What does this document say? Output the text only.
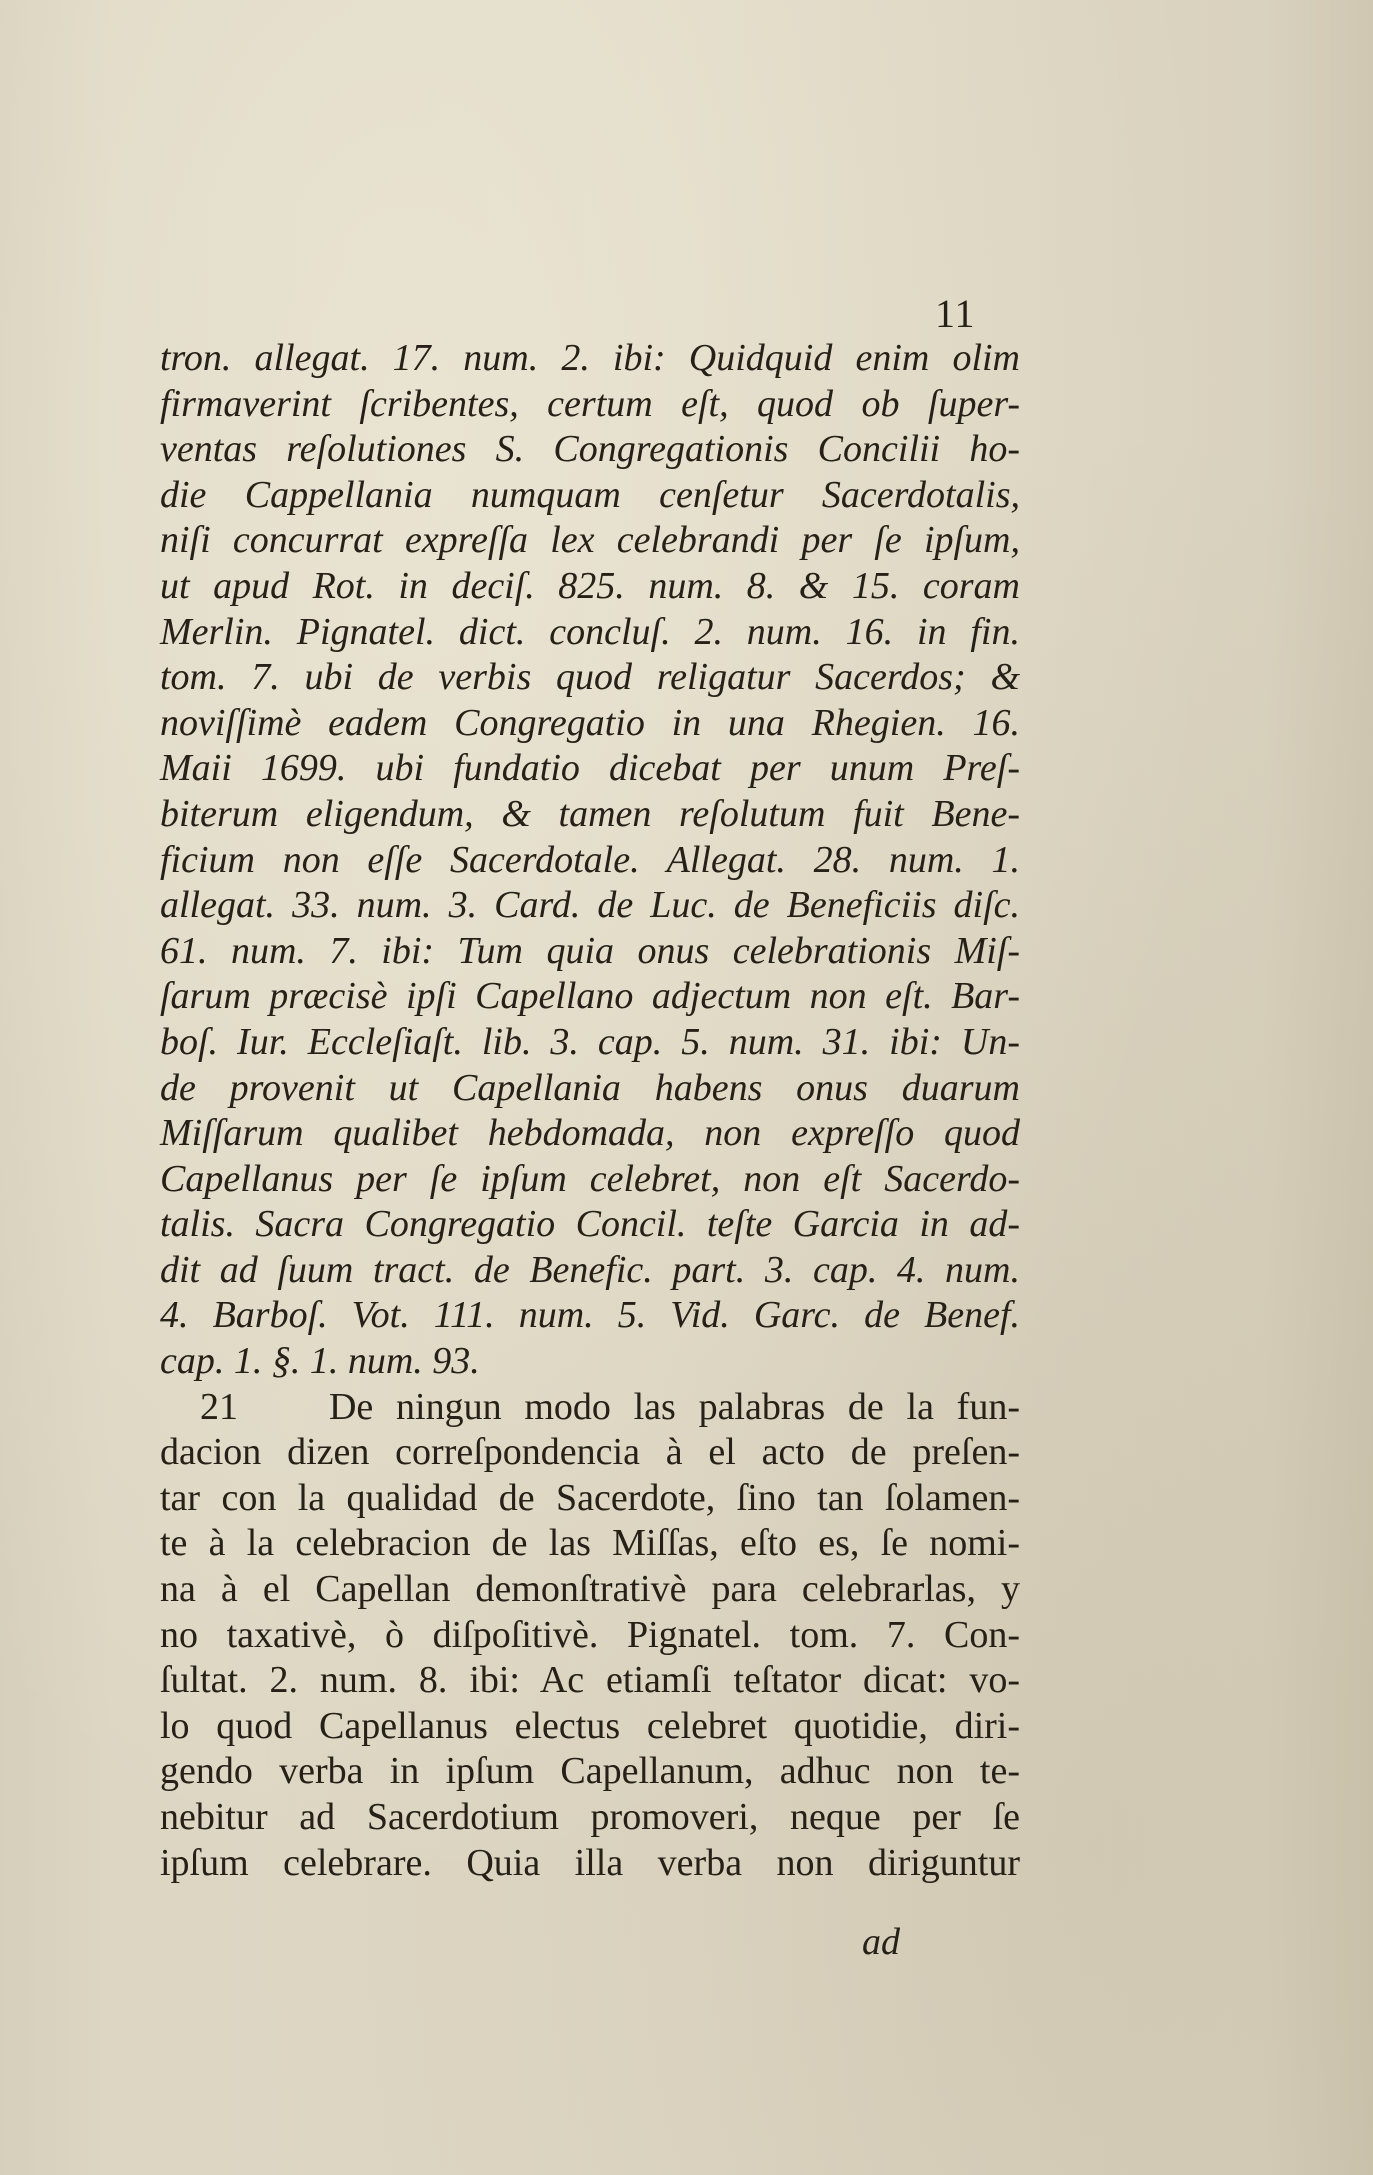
11
tron. allegat. 17. num. 2. ibi: Quidquid enim olim
firmaverint ſcribentes, certum eſt, quod ob ſuper-
ventas reſolutiones S. Congregationis Concilii ho-
die Cappellania numquam cenſetur Sacerdotalis,
niſi concurrat expreſſa lex celebrandi per ſe ipſum,
ut apud Rot. in deciſ. 825. num. 8. & 15. coram
Merlin. Pignatel. dict. concluſ. 2. num. 16. in fin.
tom. 7. ubi de verbis quod religatur Sacerdos; &
noviſſimè eadem Congregatio in una Rhegien. 16.
Maii 1699. ubi fundatio dicebat per unum Preſ-
biterum eligendum, & tamen reſolutum fuit Bene-
ficium non eſſe Sacerdotale. Allegat. 28. num. 1.
allegat. 33. num. 3. Card. de Luc. de Beneficiis diſc.
61. num. 7. ibi: Tum quia onus celebrationis Miſ-
ſarum præcisè ipſi Capellano adjectum non eſt. Bar-
boſ. Iur. Eccleſiaſt. lib. 3. cap. 5. num. 31. ibi: Un-
de provenit ut Capellania habens onus duarum
Miſſarum qualibet hebdomada, non expreſſo quod
Capellanus per ſe ipſum celebret, non eſt Sacerdo-
talis. Sacra Congregatio Concil. teſte Garcia in ad-
dit ad ſuum tract. de Benefic. part. 3. cap. 4. num.
4. Barboſ. Vot. 111. num. 5. Vid. Garc. de Benef.
cap. 1. §. 1. num. 93.
21 De ningun modo las palabras de la fun-
dacion dizen correſpondencia à el acto de preſen-
tar con la qualidad de Sacerdote, ſino tan ſolamen-
te à la celebracion de las Miſſas, eſto es, ſe nomi-
na à el Capellan demonſtrativè para celebrarlas, y
no taxativè, ò diſpoſitivè. Pignatel. tom. 7. Con-
ſultat. 2. num. 8. ibi: Ac etiamſi teſtator dicat: vo-
lo quod Capellanus electus celebret quotidie, diri-
gendo verba in ipſum Capellanum, adhuc non te-
nebitur ad Sacerdotium promoveri, neque per ſe
ipſum celebrare. Quia illa verba non diriguntur
ad
